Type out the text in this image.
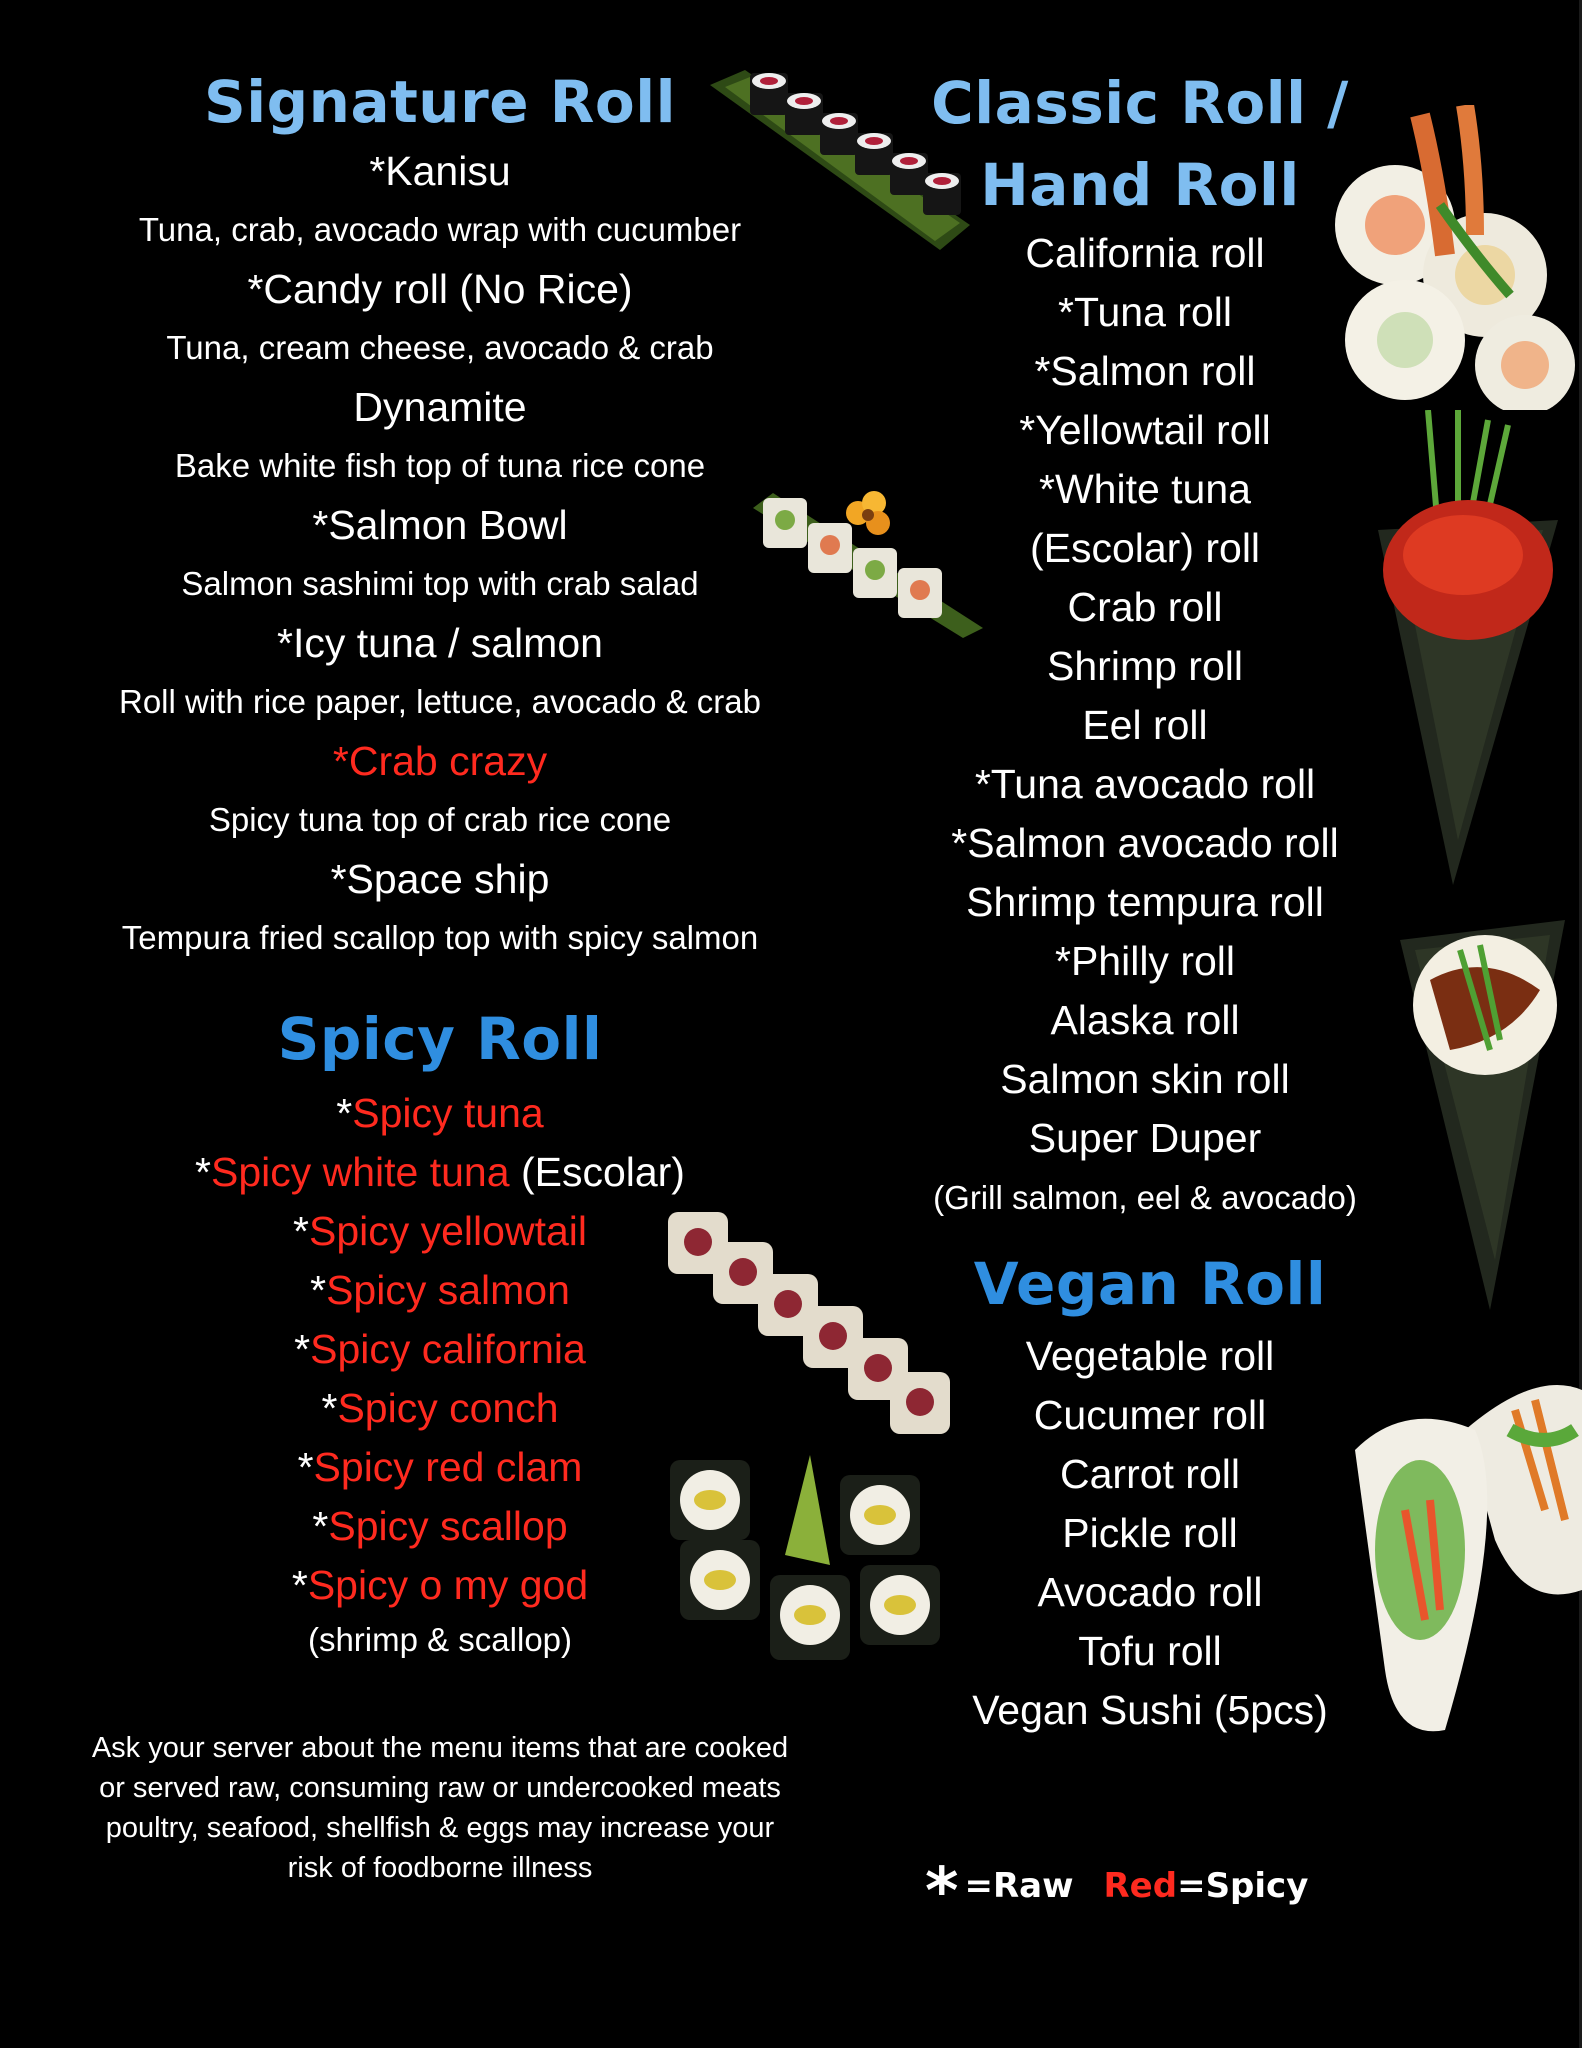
Signature Roll
*Kanisu
Tuna, crab, avocado wrap with cucumber
*Candy roll (No Rice)
Tuna, cream cheese, avocado & crab
Dynamite
Bake white fish top of tuna rice cone
*Salmon Bowl
Salmon sashimi top with crab salad
*Icy tuna / salmon
Roll with rice paper, lettuce, avocado & crab
*Crab crazy
Spicy tuna top of crab rice cone
*Space ship
Tempura fried scallop top with spicy salmon
Spicy Roll
*Spicy tuna
*Spicy white tuna (Escolar)
*Spicy yellowtail
*Spicy salmon
*Spicy california
*Spicy conch
*Spicy red clam
*Spicy scallop
*Spicy o my god
(shrimp & scallop)
Classic Roll /
Hand Roll
California roll
*Tuna roll
*Salmon roll
*Yellowtail roll
*White tuna
(Escolar) roll
Crab roll
Shrimp roll
Eel roll
*Tuna avocado roll
*Salmon avocado roll
Shrimp tempura roll
*Philly roll
Alaska roll
Salmon skin roll
Super Duper
(Grill salmon, eel & avocado)
Vegan Roll
Vegetable roll
Cucumer roll
Carrot roll
Pickle roll
Avocado roll
Tofu roll
Vegan Sushi (5pcs)
Ask your server about the menu items that are cooked
or served raw, consuming raw or undercooked meats
poultry, seafood, shellfish & eggs may increase your
risk of foodborne illness	* =Raw Red=Spicy
